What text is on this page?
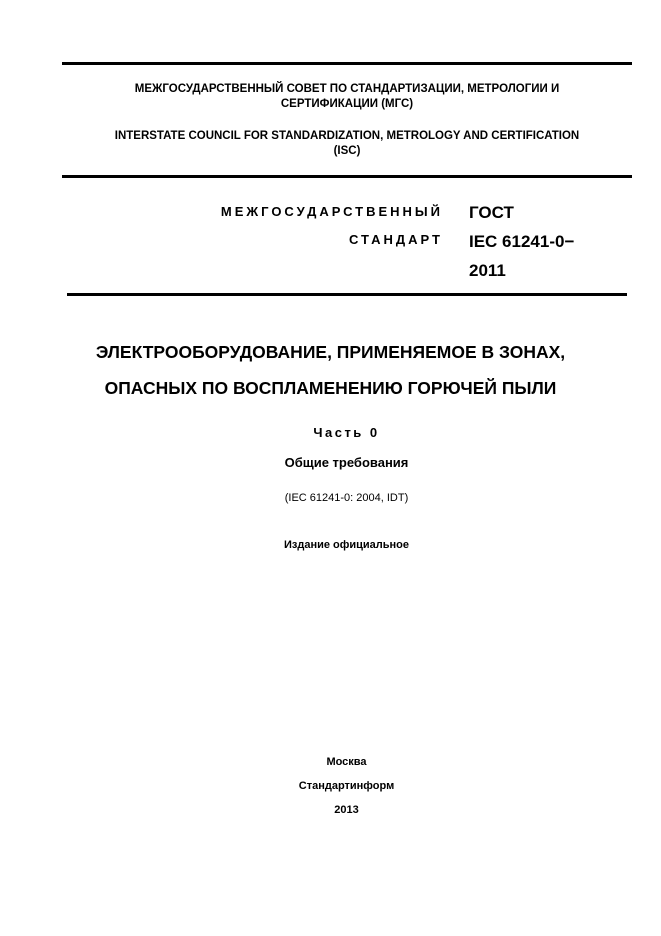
МЕЖГОСУДАРСТВЕННЫЙ СОВЕТ ПО СТАНДАРТИЗАЦИИ, МЕТРОЛОГИИ И
СЕРТИФИКАЦИИ (МГС)
INTERSTATE COUNCIL FOR STANDARDIZATION, METROLOGY AND CERTIFICATION
(ISC)
МЕЖГОСУДАРСТВЕННЫЙ
СТАНДАРТ
ГОСТ
IEC 61241-0−
2011
ЭЛЕКТРООБОРУДОВАНИЕ, ПРИМЕНЯЕМОЕ В ЗОНАХ,
ОПАСНЫХ ПО ВОСПЛАМЕНЕНИЮ ГОРЮЧЕЙ ПЫЛИ
Часть 0
Общие требования
(IEC 61241-0: 2004, IDT)
Издание официальное
Москва
Стандартинформ
2013
